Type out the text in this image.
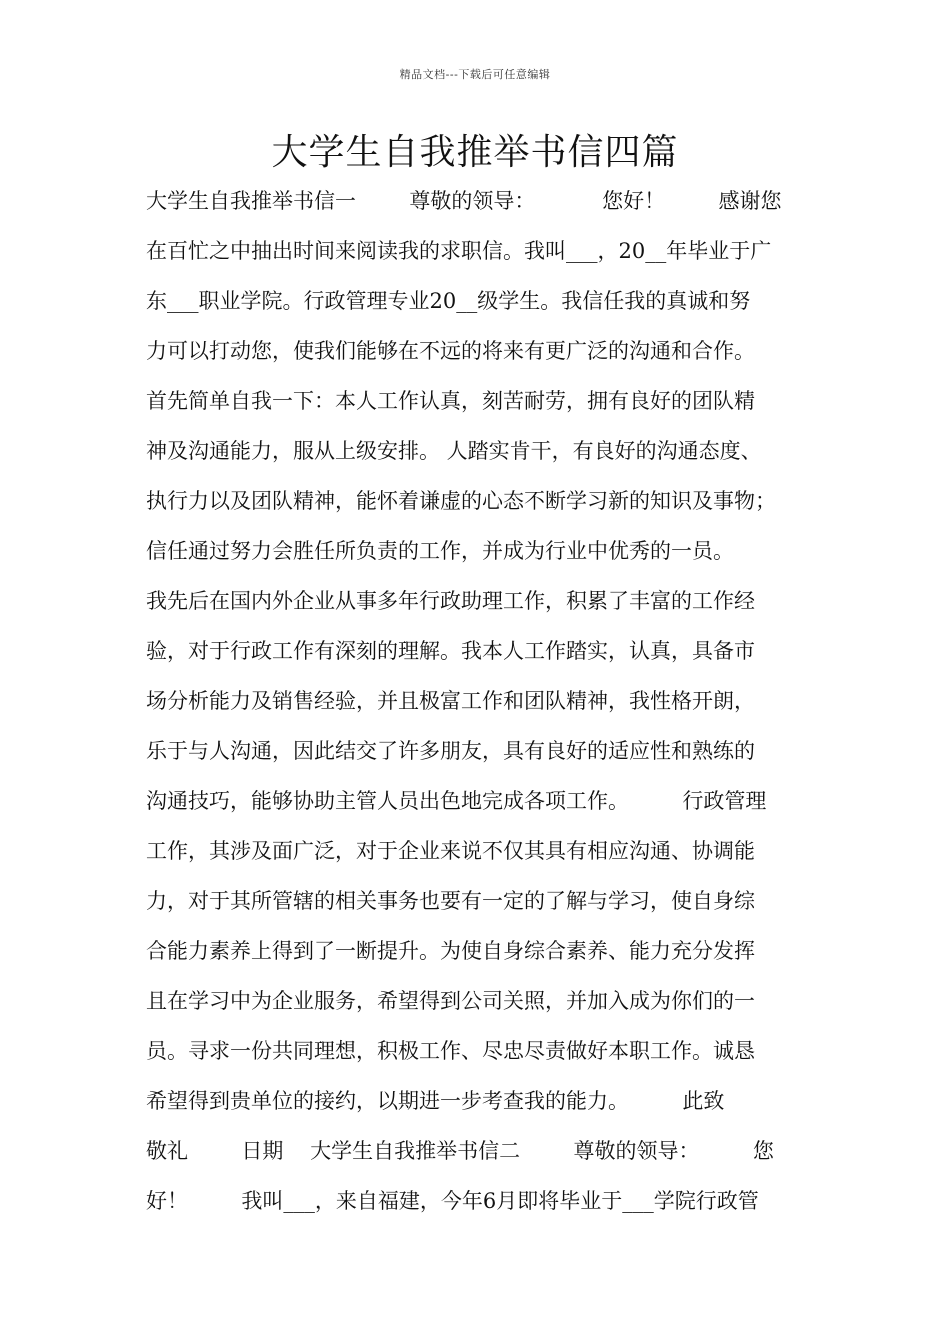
精品文档---下载后可任意编辑
大学生自我推举书信四篇
大学生自我推举书信一        尊敬的领导：          您好！        感谢您
在百忙之中抽出时间来阅读我的求职信。我叫___，20__年毕业于广
东___职业学院。行政管理专业20__级学生。我信任我的真诚和努
力可以打动您，使我们能够在不远的将来有更广泛的沟通和合作。
首先简单自我一下：本人工作认真，刻苦耐劳，拥有良好的团队精
神及沟通能力，服从上级安排。 人踏实肯干，有良好的沟通态度、
执行力以及团队精神，能怀着谦虚的心态不断学习新的知识及事物；
信任通过努力会胜任所负责的工作，并成为行业中优秀的一员。
我先后在国内外企业从事多年行政助理工作，积累了丰富的工作经
验，对于行政工作有深刻的理解。我本人工作踏实，认真，具备市
场分析能力及销售经验，并且极富工作和团队精神，我性格开朗，
乐于与人沟通，因此结交了许多朋友，具有良好的适应性和熟练的
沟通技巧，能够协助主管人员出色地完成各项工作。        行政管理
工作，其涉及面广泛，对于企业来说不仅其具有相应沟通、协调能
力，对于其所管辖的相关事务也要有一定的了解与学习，使自身综
合能力素养上得到了一断提升。为使自身综合素养、能力充分发挥
且在学习中为企业服务，希望得到公司关照，并加入成为你们的一
员。寻求一份共同理想，积极工作、尽忠尽责做好本职工作。诚恳
希望得到贵单位的接约，以期进一步考查我的能力。        此致
敬礼        日期    大学生自我推举书信二        尊敬的领导：        您
好！        我叫___，来自福建，今年6月即将毕业于___学院行政管
